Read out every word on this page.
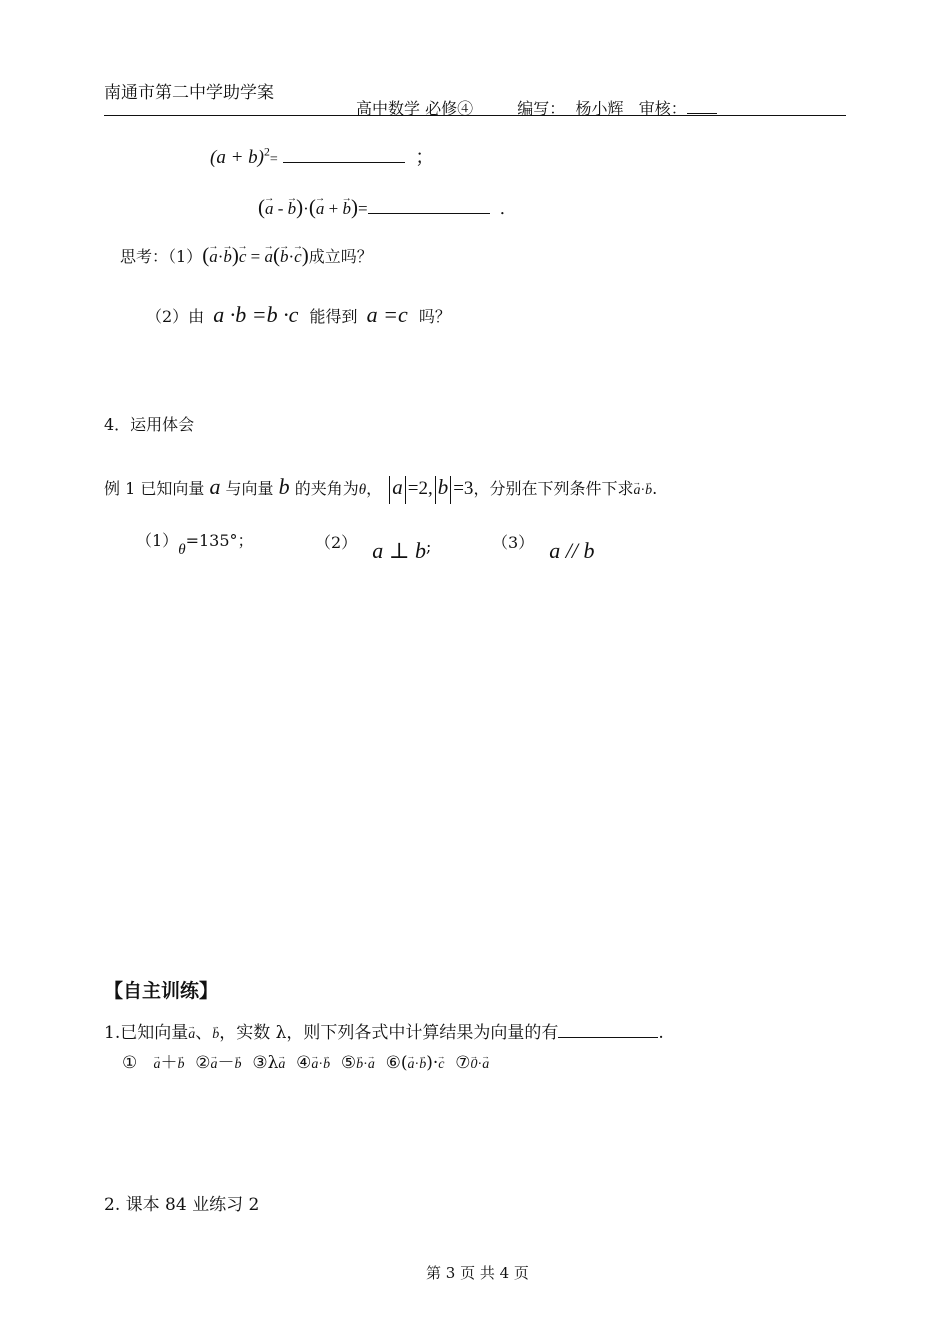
南通市第二中学助学案
高中数学 必修④	编写： 杨小辉 审核：
$(a + b)^2=$	；
(→ a - → b)·(→ a + → b)=	．
思考：（1）(→ a·→ b)→ c = → a(→ b·→ c)成立吗？
（2）由 a ·b =b ·c 能得到 a =c 吗？
4．运用体会
例 1 已知向量 a 与向量 b 的夹角为θ， a =2, b =3，分别在下列条件下求→ a·→ b.
（1）θ=135°；	（2） a ⊥ b;	（3） a // b
【自主训练】
1.已知向量→ a、→ b，实数 λ，则下列各式中计算结果为向量的有	.
①   → a＋→ b ②→ a－→ b ③λ→ a ④→ a·→ b ⑤→ b·→ a ⑥(→ a·→ b)·→ c ⑦→ 0·→ a
2. 课本 84 业练习 2
第 3 页 共 4 页
